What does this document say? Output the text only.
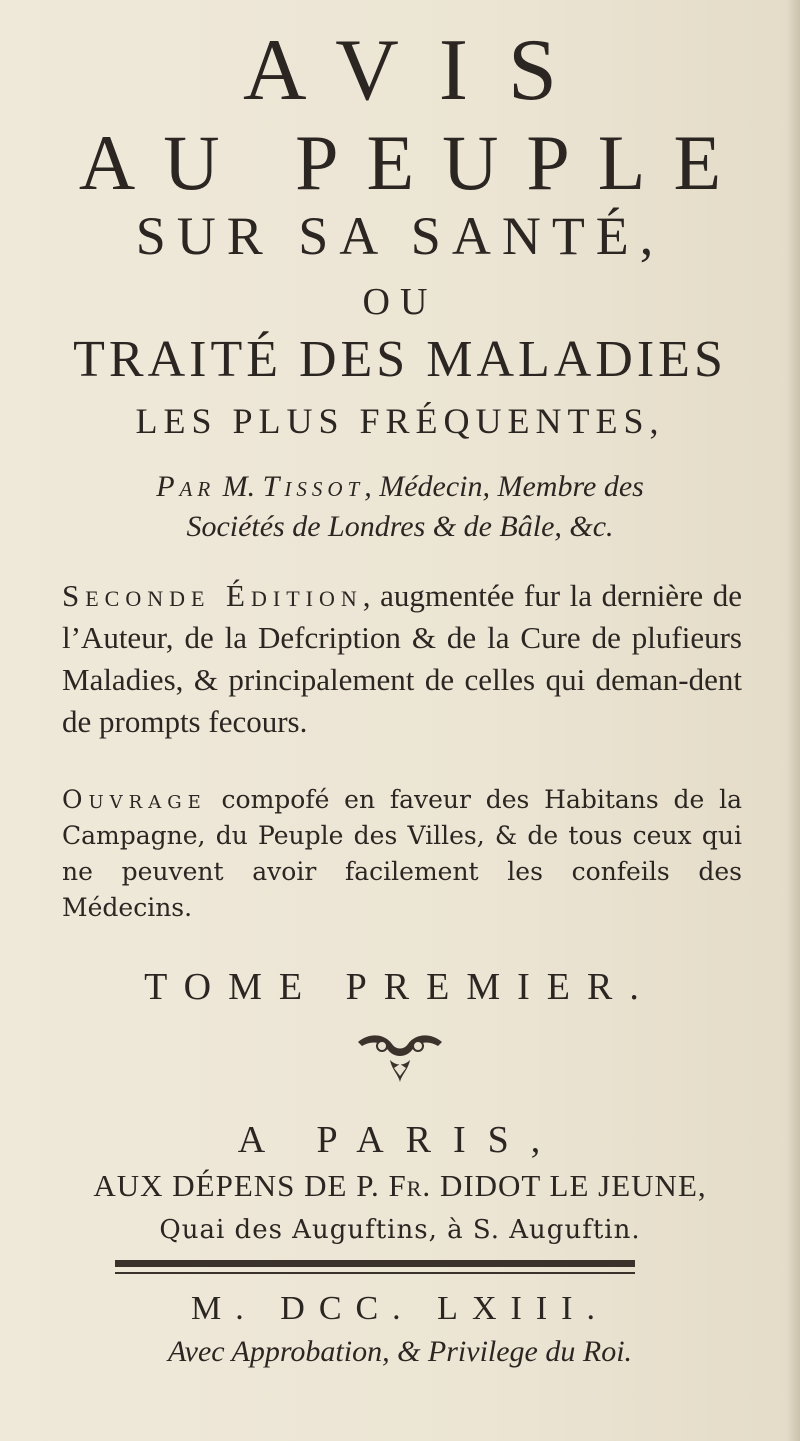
AVIS
AU PEUPLE
SUR SA SANTÉ,
OU
TRAITÉ DES MALADIES
LES PLUS FRÉQUENTES,
Par M. Tissot, Médecin, Membre des
Sociétés de Londres & de Bâle, &c.
Seconde Édition, augmentée fur la dernière de l’Auteur, de la Defcription & de la Cure de plufieurs Maladies, & principalement de celles qui deman-dent de prompts fecours.
Ouvrage compofé en faveur des Habitans de la Campagne, du Peuple des Villes, & de tous ceux qui ne peuvent avoir facilement les confeils des Médecins.
TOME PREMIER.
A PARIS,
AUX DÉPENS DE P. Fr. DIDOT LE JEUNE,
Quai des Auguftins, à S. Auguftin.
M. DCC. LXIII.
Avec Approbation, & Privilege du Roi.
